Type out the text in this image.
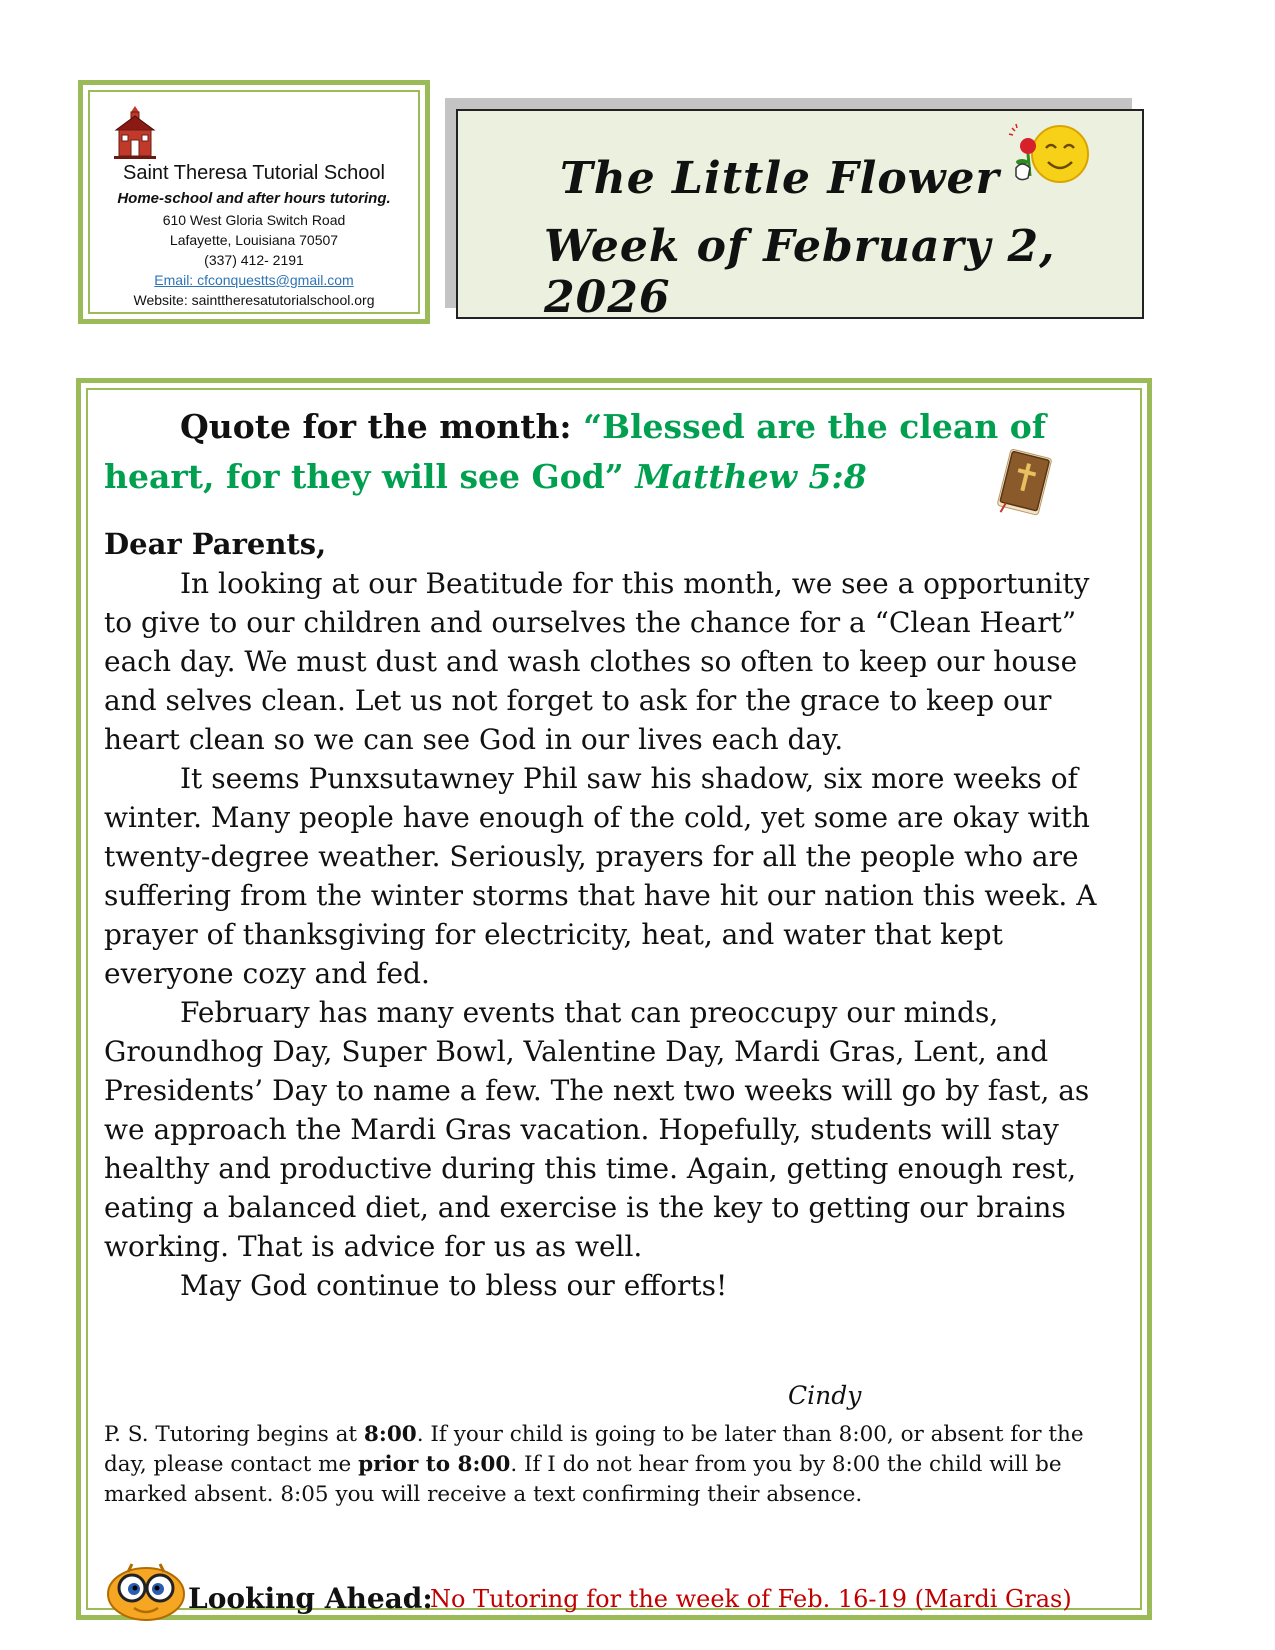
Saint Theresa Tutorial School
Home-school and after hours tutoring.
610 West Gloria Switch Road
Lafayette, Louisiana 70507
(337) 412- 2191
Email: cfconquestts@gmail.com
Website: sainttheresatutorialschool.org
The Little Flower
Week of February 2, 2026
Quote for the month: “Blessed are the clean of heart, for they will see God” Matthew 5:8
Dear Parents,

In looking at our Beatitude for this month, we see a opportunity to give to our children and ourselves the chance for a “Clean Heart” each day. We must dust and wash clothes so often to keep our house and selves clean. Let us not forget to ask for the grace to keep our heart clean so we can see God in our lives each day.

It seems Punxsutawney Phil saw his shadow, six more weeks of winter. Many people have enough of the cold, yet some are okay with twenty-degree weather. Seriously, prayers for all the people who are suffering from the winter storms that have hit our nation this week. A prayer of thanksgiving for electricity, heat, and water that kept everyone cozy and fed.

February has many events that can preoccupy our minds, Groundhog Day, Super Bowl, Valentine Day, Mardi Gras, Lent, and Presidents’ Day to name a few. The next two weeks will go by fast, as we approach the Mardi Gras vacation. Hopefully, students will stay healthy and productive during this time. Again, getting enough rest, eating a balanced diet, and exercise is the key to getting our brains working. That is advice for us as well.

May God continue to bless our efforts!

Cindy
P. S. Tutoring begins at 8:00. If your child is going to be later than 8:00, or absent for the day, please contact me prior to 8:00. If I do not hear from you by 8:00 the child will be marked absent. 8:05 you will receive a text confirming their absence.
Looking Ahead:
No Tutoring for the week of Feb. 16-19 (Mardi Gras)
